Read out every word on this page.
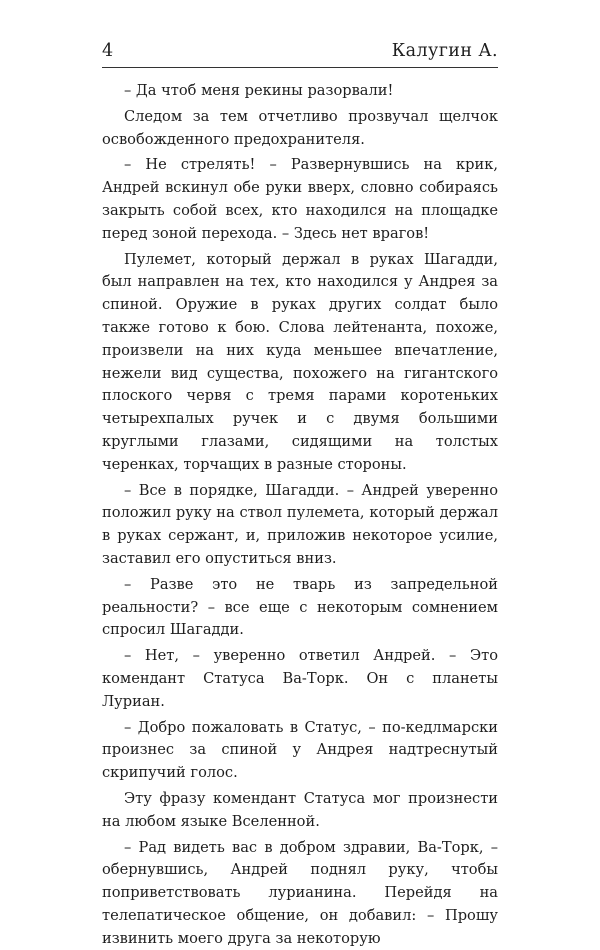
4	Калугин А.

– Да чтоб меня рекины разорвали!

Следом за тем отчетливо прозвучал щелчок освобожденного предохранителя.

– Не стрелять! – Развернувшись на крик, Андрей вскинул обе руки вверх, словно собираясь закрыть собой всех, кто находился на площадке перед зоной перехода. – Здесь нет врагов!

Пулемет, который держал в руках Шагадди, был направлен на тех, кто находился у Андрея за спиной. Оружие в руках других солдат было также готово к бою. Слова лейтенанта, похоже, произвели на них куда меньшее впечатление, нежели вид существа, похожего на гигантского плоского червя с тремя парами коротеньких четырехпалых ручек и с двумя большими круглыми глазами, сидящими на толстых черенках, торчащих в разные стороны.

– Все в порядке, Шагадди. – Андрей уверенно положил руку на ствол пулемета, который держал в руках сержант, и, приложив некоторое усилие, заставил его опуститься вниз.

– Разве это не тварь из запредельной реальности? – все еще с некоторым сомнением спросил Шагадди.

– Нет, – уверенно ответил Андрей. – Это комендант Статуса Ва-Торк. Он с планеты Луриан.

– Добро пожаловать в Статус, – по-кедлмарски произнес за спиной у Андрея надтреснутый скрипучий голос.

Эту фразу комендант Статуса мог произнести на любом языке Вселенной.

– Рад видеть вас в добром здравии, Ва-Торк, – обернувшись, Андрей поднял руку, чтобы поприветствовать лурианина. Перейдя на телепатическое общение, он добавил: – Прошу извинить моего друга за некоторую
